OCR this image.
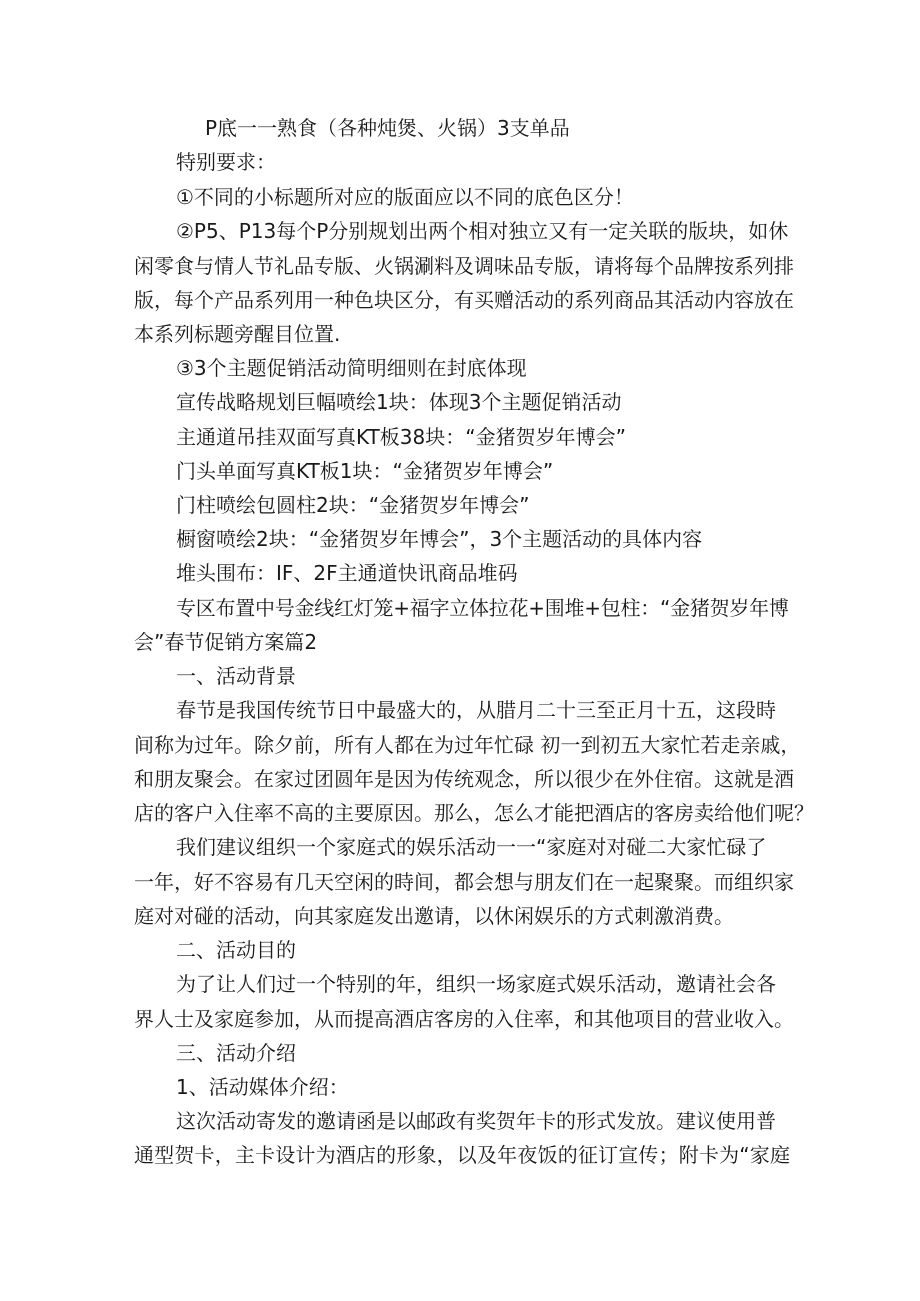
P底一一熟食（各种炖煲、火锅）3支单品
特别要求：
①不同的小标题所对应的版面应以不同的底色区分！
②P5、P13每个P分别规划出两个相对独立又有一定关联的版块，如休
闲零食与情人节礼品专版、火锅涮料及调味品专版，请将每个品牌按系列排
版，每个产品系列用一种色块区分，有买赠活动的系列商品其活动内容放在
本系列标题旁醒目位置.
③3个主题促销活动简明细则在封底体现
宣传战略规划巨幅喷绘1块：体现3个主题促销活动
主通道吊挂双面写真KT板38块：“金猪贺岁年博会”
门头单面写真KT板1块：“金猪贺岁年博会”
门柱喷绘包圆柱2块：“金猪贺岁年博会”
橱窗喷绘2块：“金猪贺岁年博会”，3个主题活动的具体内容
堆头围布：IF、2F主通道快讯商品堆码
专区布置中号金线红灯笼+福字立体拉花+围堆+包柱：“金猪贺岁年博
会”春节促销方案篇2
一、活动背景
春节是我国传统节日中最盛大的，从腊月二十三至正月十五，这段時
间称为过年。除夕前，所有人都在为过年忙碌 初一到初五大家忙若走亲戚，
和朋友聚会。在家过团圆年是因为传统观念，所以很少在外住宿。这就是酒
店的客户入住率不高的主要原因。那么，怎么才能把酒店的客房卖给他们呢？
我们建议组织一个家庭式的娱乐活动一一“家庭对对碰二大家忙碌了
一年，好不容易有几天空闲的時间，都会想与朋友们在一起聚聚。而组织家
庭对对碰的活动，向其家庭发出邀请，以休闲娱乐的方式刺激消费。
二、活动目的
为了让人们过一个特别的年，组织一场家庭式娱乐活动，邀请社会各
界人士及家庭参加，从而提高酒店客房的入住率，和其他项目的营业收入。
三、活动介绍
1、活动媒体介绍：
这次活动寄发的邀请函是以邮政有奖贺年卡的形式发放。建议使用普
通型贺卡，主卡设计为酒店的形象，以及年夜饭的征订宣传；附卡为“家庭
